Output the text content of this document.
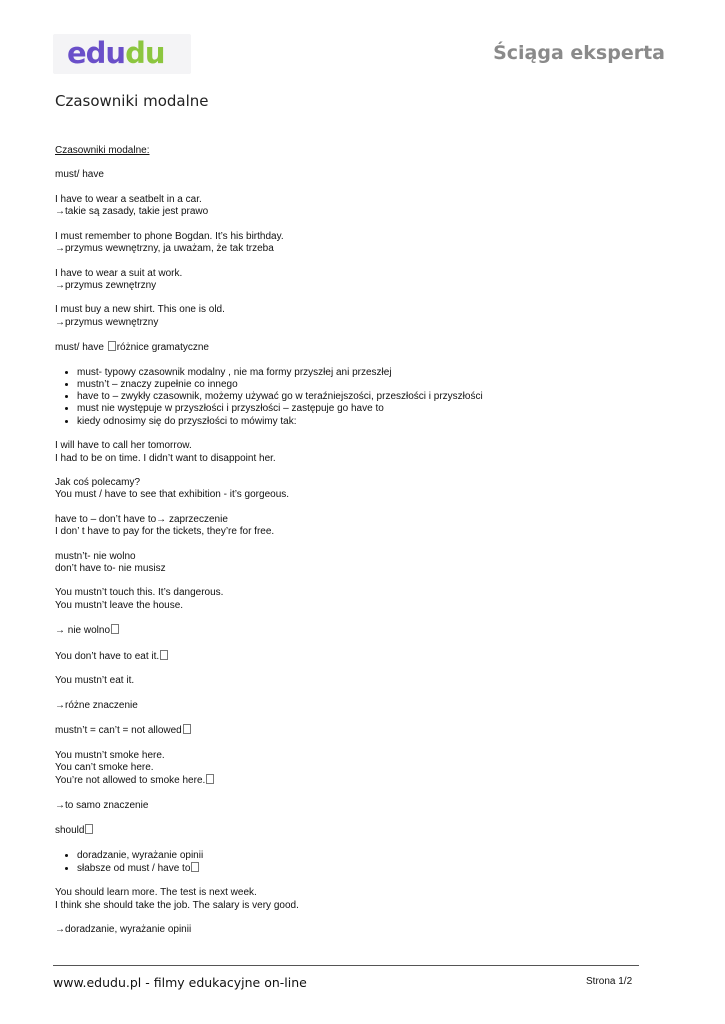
edudu	Ściąga eksperta
Czasowniki modalne

Czasowniki modalne:

must/ have

I have to wear a seatbelt in a car.
→takie są zasady, takie jest prawo

I must remember to phone Bogdan. It’s his birthday.
→przymus wewnętrzny, ja uważam, że tak trzeba

I have to wear a suit at work.
→przymus zewnętrzny

I must buy a new shirt. This one is old.
→przymus wewnętrzny

must/ have różnice gramatyczne

• must- typowy czasownik modalny , nie ma formy przyszłej ani przeszłej
• mustn’t – znaczy zupełnie co innego
• have to – zwykły czasownik, możemy używać go w teraźniejszości, przeszłości i przyszłości
• must nie występuje w przyszłości i przyszłości – zastępuje go have to
• kiedy odnosimy się do przyszłości to mówimy tak:

I will have to call her tomorrow.
I had to be on time. I didn’t want to disappoint her.

Jak coś polecamy?
You must / have to see that exhibition - it’s gorgeous.

have to – don’t have to→ zaprzeczenie
I don’ t have to pay for the tickets, they’re for free.

mustn’t- nie wolno
don’t have to- nie musisz

You mustn’t touch this. It’s dangerous.
You mustn’t leave the house.

→ nie wolno

You don’t have to eat it.

You mustn’t eat it.

→różne znaczenie

mustn’t = can’t = not allowed

You mustn’t smoke here.
You can’t smoke here.
You’re not allowed to smoke here.

→to samo znaczenie

should

• doradzanie, wyrażanie opinii
• słabsze od must / have to

You should learn more. The test is next week.
I think she should take the job. The salary is very good.

→doradzanie, wyrażanie opinii

www.edudu.pl - filmy edukacyjne on-line	Strona 1/2
